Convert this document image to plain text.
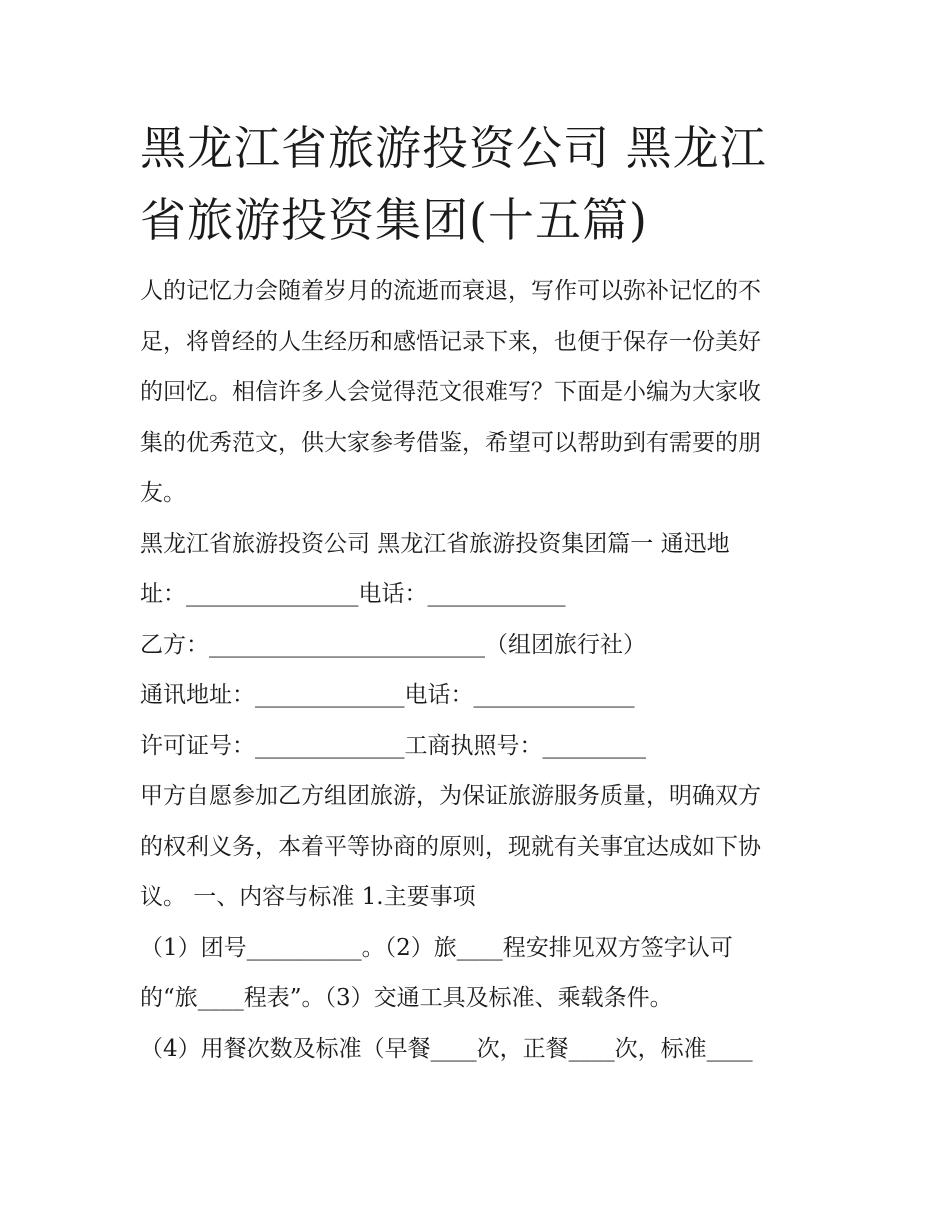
黑龙江省旅游投资公司 黑龙江
省旅游投资集团(十五篇)

人的记忆力会随着岁月的流逝而衰退，写作可以弥补记忆的不
足，将曾经的人生经历和感悟记录下来，也便于保存一份美好
的回忆。相信许多人会觉得范文很难写？下面是小编为大家收
集的优秀范文，供大家参考借鉴，希望可以帮助到有需要的朋
友。

黑龙江省旅游投资公司 黑龙江省旅游投资集团篇一 通迅地
址：_______________电话：____________
乙方：________________________（组团旅行社）
通讯地址：_____________电话：______________
许可证号：_____________工商执照号：_________
甲方自愿参加乙方组团旅游，为保证旅游服务质量，明确双方
的权利义务，本着平等协商的原则，现就有关事宜达成如下协
议。 一、内容与标准 1.主要事项
（1）团号__________。（2）旅____程安排见双方签字认可
的“旅____程表”。（3）交通工具及标准、乘载条件。
（4）用餐次数及标准（早餐____次，正餐____次，标准____
